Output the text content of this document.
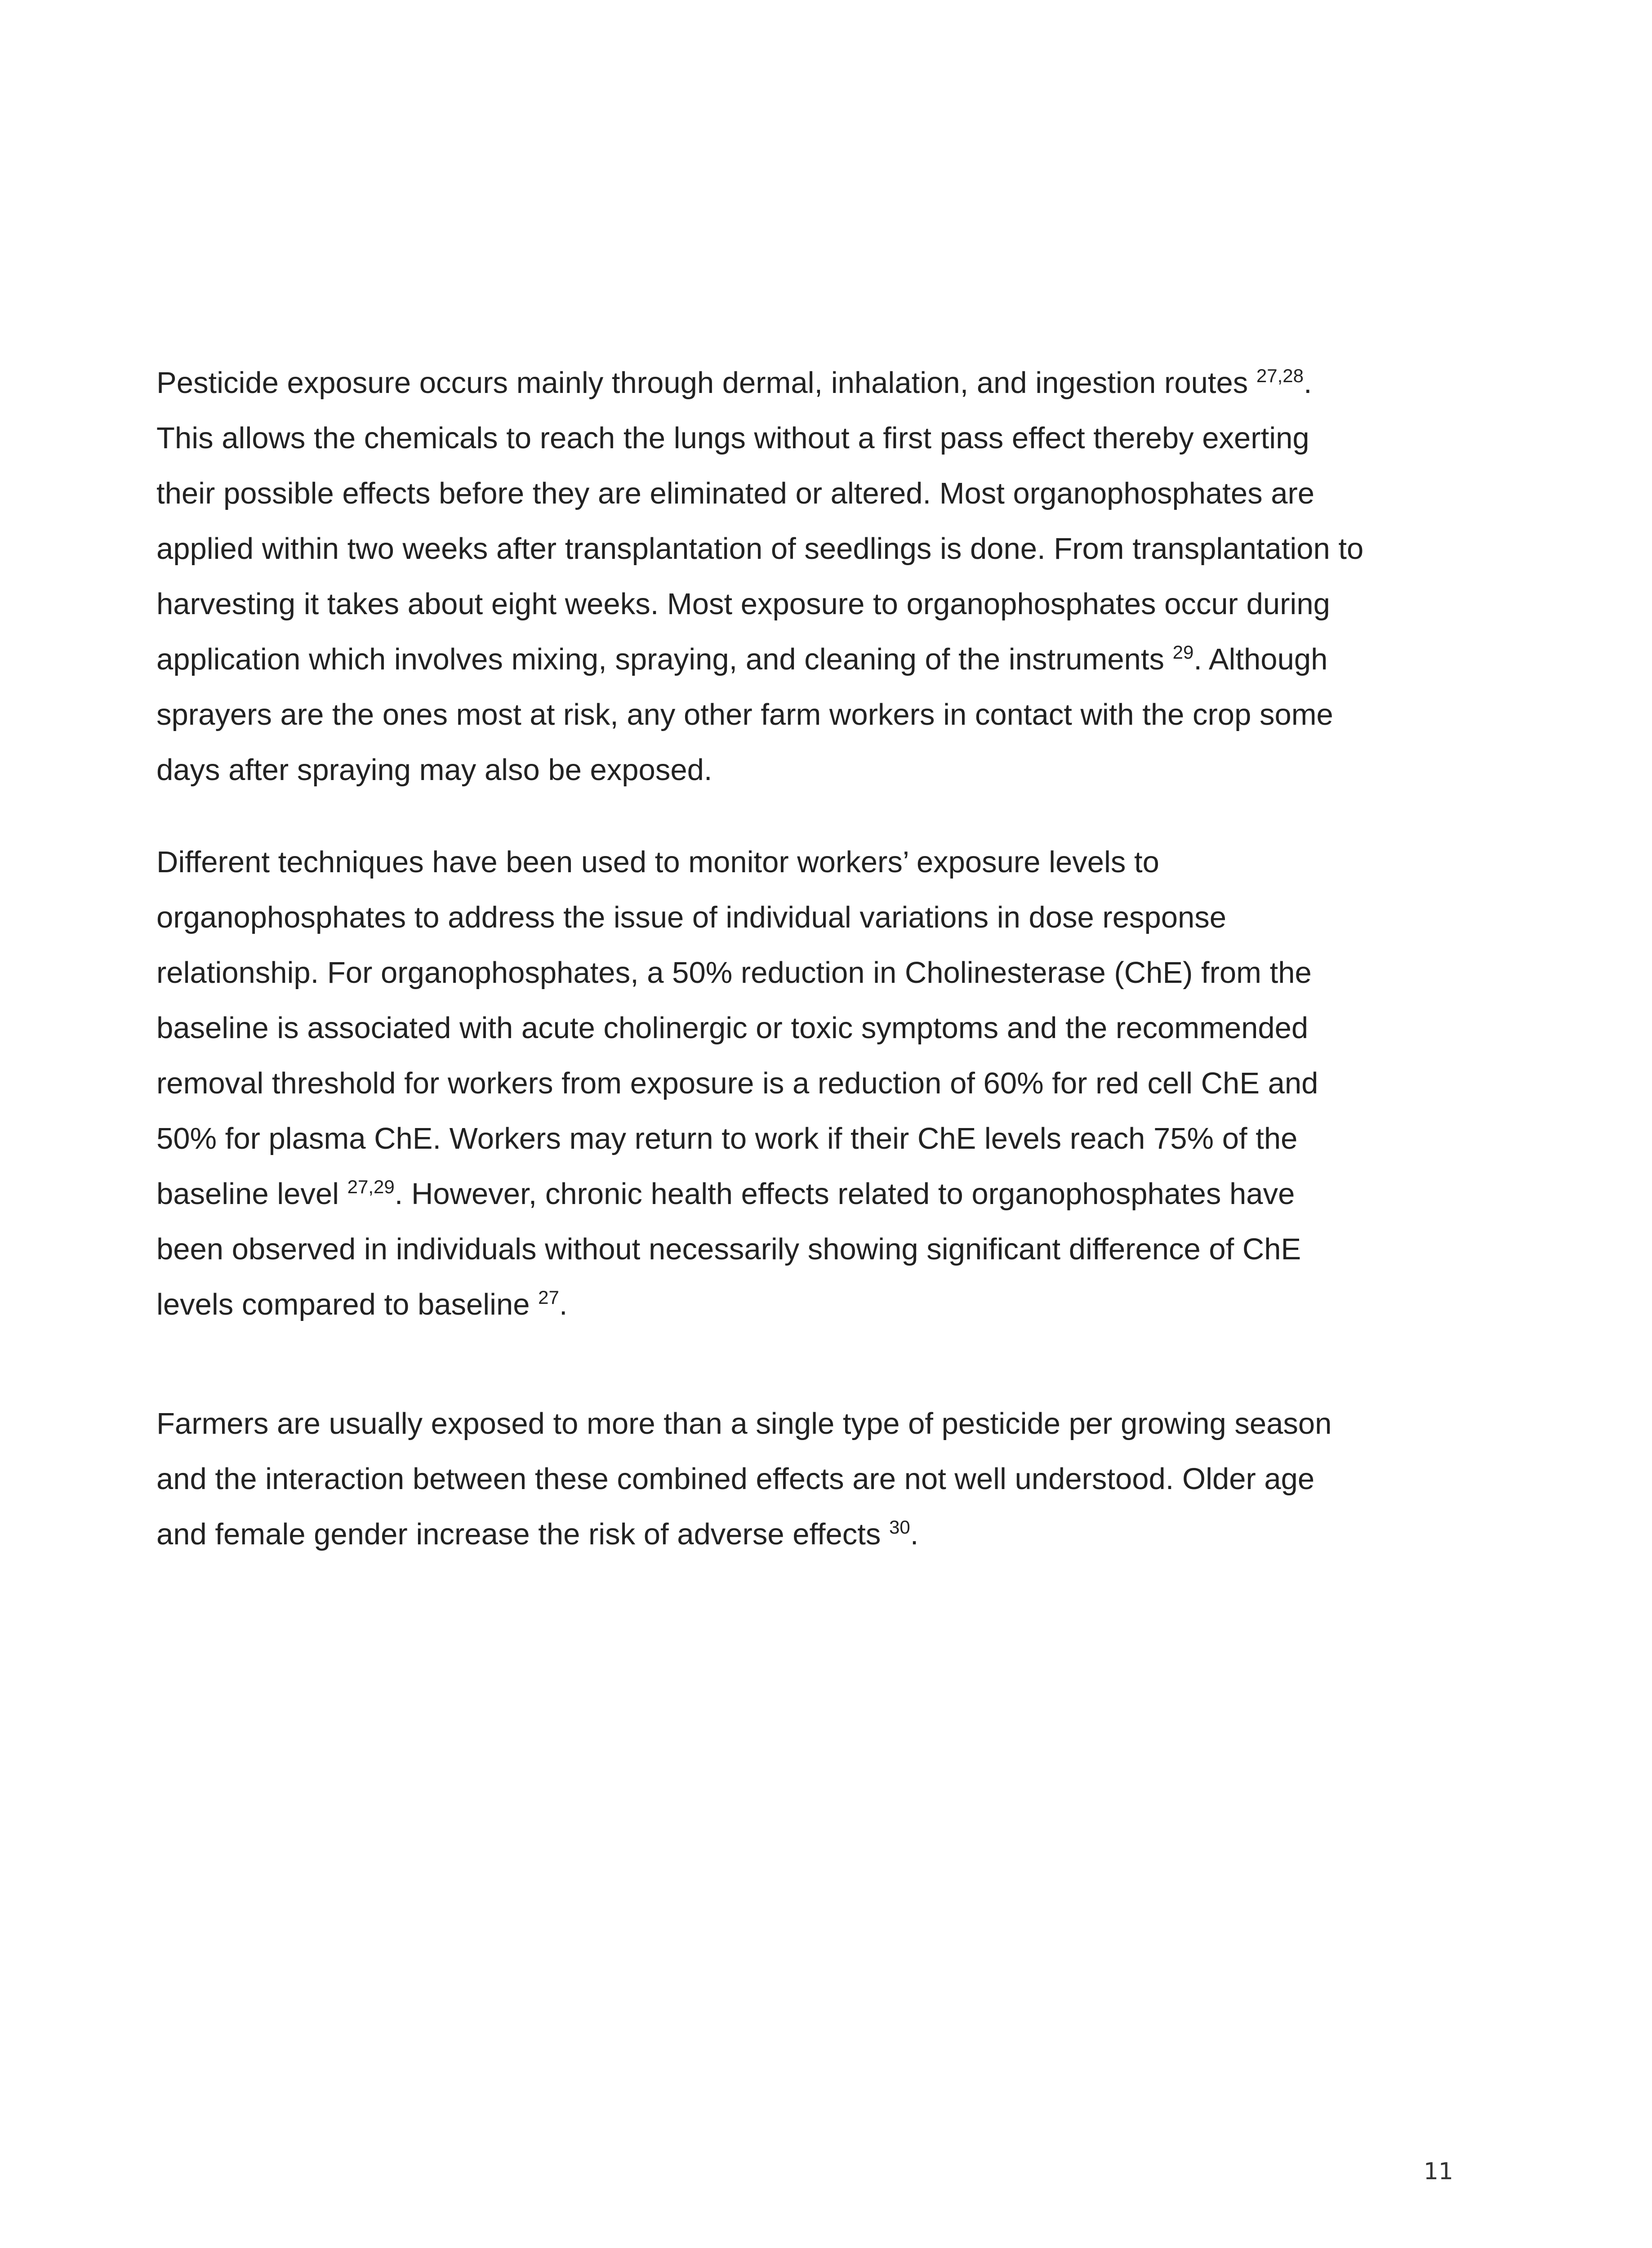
Pesticide exposure occurs mainly through dermal, inhalation, and ingestion routes $^{27,28}$.
This allows the chemicals to reach the lungs without a first pass effect thereby exerting
their possible effects before they are eliminated or altered. Most organophosphates are
applied within two weeks after transplantation of seedlings is done. From transplantation to
harvesting it takes about eight weeks. Most exposure to organophosphates occur during
application which involves mixing, spraying, and cleaning of the instruments $^{29}$. Although
sprayers are the ones most at risk, any other farm workers in contact with the crop some
days after spraying may also be exposed.

Different techniques have been used to monitor workers’ exposure levels to
organophosphates to address the issue of individual variations in dose response
relationship. For organophosphates, a 50% reduction in Cholinesterase (ChE) from the
baseline is associated with acute cholinergic or toxic symptoms and the recommended
removal threshold for workers from exposure is a reduction of 60% for red cell ChE and
50% for plasma ChE. Workers may return to work if their ChE levels reach 75% of the
baseline level $^{27,29}$. However, chronic health effects related to organophosphates have
been observed in individuals without necessarily showing significant difference of ChE
levels compared to baseline $^{27}$.

Farmers are usually exposed to more than a single type of pesticide per growing season
and the interaction between these combined effects are not well understood. Older age
and female gender increase the risk of adverse effects $^{30}$.

11
